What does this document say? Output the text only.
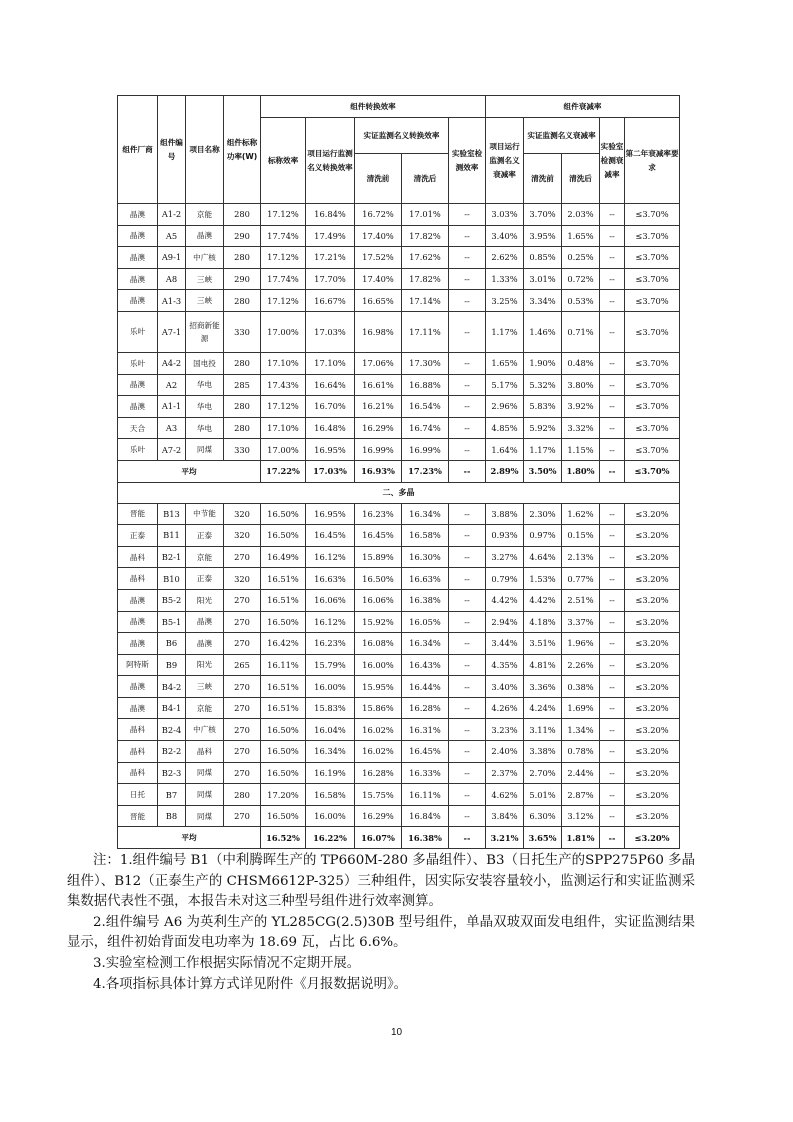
组件厂商	组件编号	项目名称	组件标称功率(W)	组件转换效率					组件衰减率				
				标称效率	项目运行监测名义转换效率	实证监测名义转换效率		实验室检测效率	项目运行监测名义衰减率	实证监测名义衰减率		实验室检测衰减率	第二年衰减率要求
						清洗前	清洗后			清洗前	清洗后		
晶澳	A1-2	京能	280	17.12%	16.84%	16.72%	17.01%	--	3.03%	3.70%	2.03%	--	≤3.70%
晶澳	A5	晶澳	290	17.74%	17.49%	17.40%	17.82%	--	3.40%	3.95%	1.65%	--	≤3.70%
晶澳	A9-1	中广核	280	17.12%	17.21%	17.52%	17.62%	--	2.62%	0.85%	0.25%	--	≤3.70%
晶澳	A8	三峡	290	17.74%	17.70%	17.40%	17.82%	--	1.33%	3.01%	0.72%	--	≤3.70%
晶澳	A1-3	三峡	280	17.12%	16.67%	16.65%	17.14%	--	3.25%	3.34%	0.53%	--	≤3.70%
乐叶	A7-1	招商新能源	330	17.00%	17.03%	16.98%	17.11%	--	1.17%	1.46%	0.71%	--	≤3.70%
乐叶	A4-2	国电投	280	17.10%	17.10%	17.06%	17.30%	--	1.65%	1.90%	0.48%	--	≤3.70%
晶澳	A2	华电	285	17.43%	16.64%	16.61%	16.88%	--	5.17%	5.32%	3.80%	--	≤3.70%
晶澳	A1-1	华电	280	17.12%	16.70%	16.21%	16.54%	--	2.96%	5.83%	3.92%	--	≤3.70%
天合	A3	华电	280	17.10%	16.48%	16.29%	16.74%	--	4.85%	5.92%	3.32%	--	≤3.70%
乐叶	A7-2	同煤	330	17.00%	16.95%	16.99%	16.99%	--	1.64%	1.17%	1.15%	--	≤3.70%
平均				17.22%	17.03%	16.93%	17.23%	--	2.89%	3.50%	1.80%	--	≤3.70%
二、多晶													
晋能	B13	中节能	320	16.50%	16.95%	16.23%	16.34%	--	3.88%	2.30%	1.62%	--	≤3.20%
正泰	B11	正泰	320	16.50%	16.45%	16.45%	16.58%	--	0.93%	0.97%	0.15%	--	≤3.20%
晶科	B2-1	京能	270	16.49%	16.12%	15.89%	16.30%	--	3.27%	4.64%	2.13%	--	≤3.20%
晶科	B10	正泰	320	16.51%	16.63%	16.50%	16.63%	--	0.79%	1.53%	0.77%	--	≤3.20%
晶澳	B5-2	阳光	270	16.51%	16.06%	16.06%	16.38%	--	4.42%	4.42%	2.51%	--	≤3.20%
晶澳	B5-1	晶澳	270	16.50%	16.12%	15.92%	16.05%	--	2.94%	4.18%	3.37%	--	≤3.20%
晶澳	B6	晶澳	270	16.42%	16.23%	16.08%	16.34%	--	3.44%	3.51%	1.96%	--	≤3.20%
阿特斯	B9	阳光	265	16.11%	15.79%	16.00%	16.43%	--	4.35%	4.81%	2.26%	--	≤3.20%
晶澳	B4-2	三峡	270	16.51%	16.00%	15.95%	16.44%	--	3.40%	3.36%	0.38%	--	≤3.20%
晶澳	B4-1	京能	270	16.51%	15.83%	15.86%	16.28%	--	4.26%	4.24%	1.69%	--	≤3.20%
晶科	B2-4	中广核	270	16.50%	16.04%	16.02%	16.31%	--	3.23%	3.11%	1.34%	--	≤3.20%
晶科	B2-2	晶科	270	16.50%	16.34%	16.02%	16.45%	--	2.40%	3.38%	0.78%	--	≤3.20%
晶科	B2-3	同煤	270	16.50%	16.19%	16.28%	16.33%	--	2.37%	2.70%	2.44%	--	≤3.20%
日托	B7	同煤	280	17.20%	16.58%	15.75%	16.11%	--	4.62%	5.01%	2.87%	--	≤3.20%
晋能	B8	同煤	270	16.50%	16.00%	16.29%	16.84%	--	3.84%	6.30%	3.12%	--	≤3.20%
平均				16.52%	16.22%	16.07%	16.38%	--	3.21%	3.65%	1.81%	--	≤3.20%

注：1.组件编号 B1（中利腾晖生产的 TP660M-280 多晶组件）、B3（日托生产的SPP275P60 多晶组件）、B12（正泰生产的 CHSM6612P-325）三种组件，因实际安装容量较小，监测运行和实证监测采集数据代表性不强，本报告未对这三种型号组件进行效率测算。

2.组件编号 A6 为英利生产的 YL285CG(2.5)30B 型号组件，单晶双玻双面发电组件，实证监测结果显示，组件初始背面发电功率为 18.69 瓦，占比 6.6%。

3.实验室检测工作根据实际情况不定期开展。

4.各项指标具体计算方式详见附件《月报数据说明》。

10
